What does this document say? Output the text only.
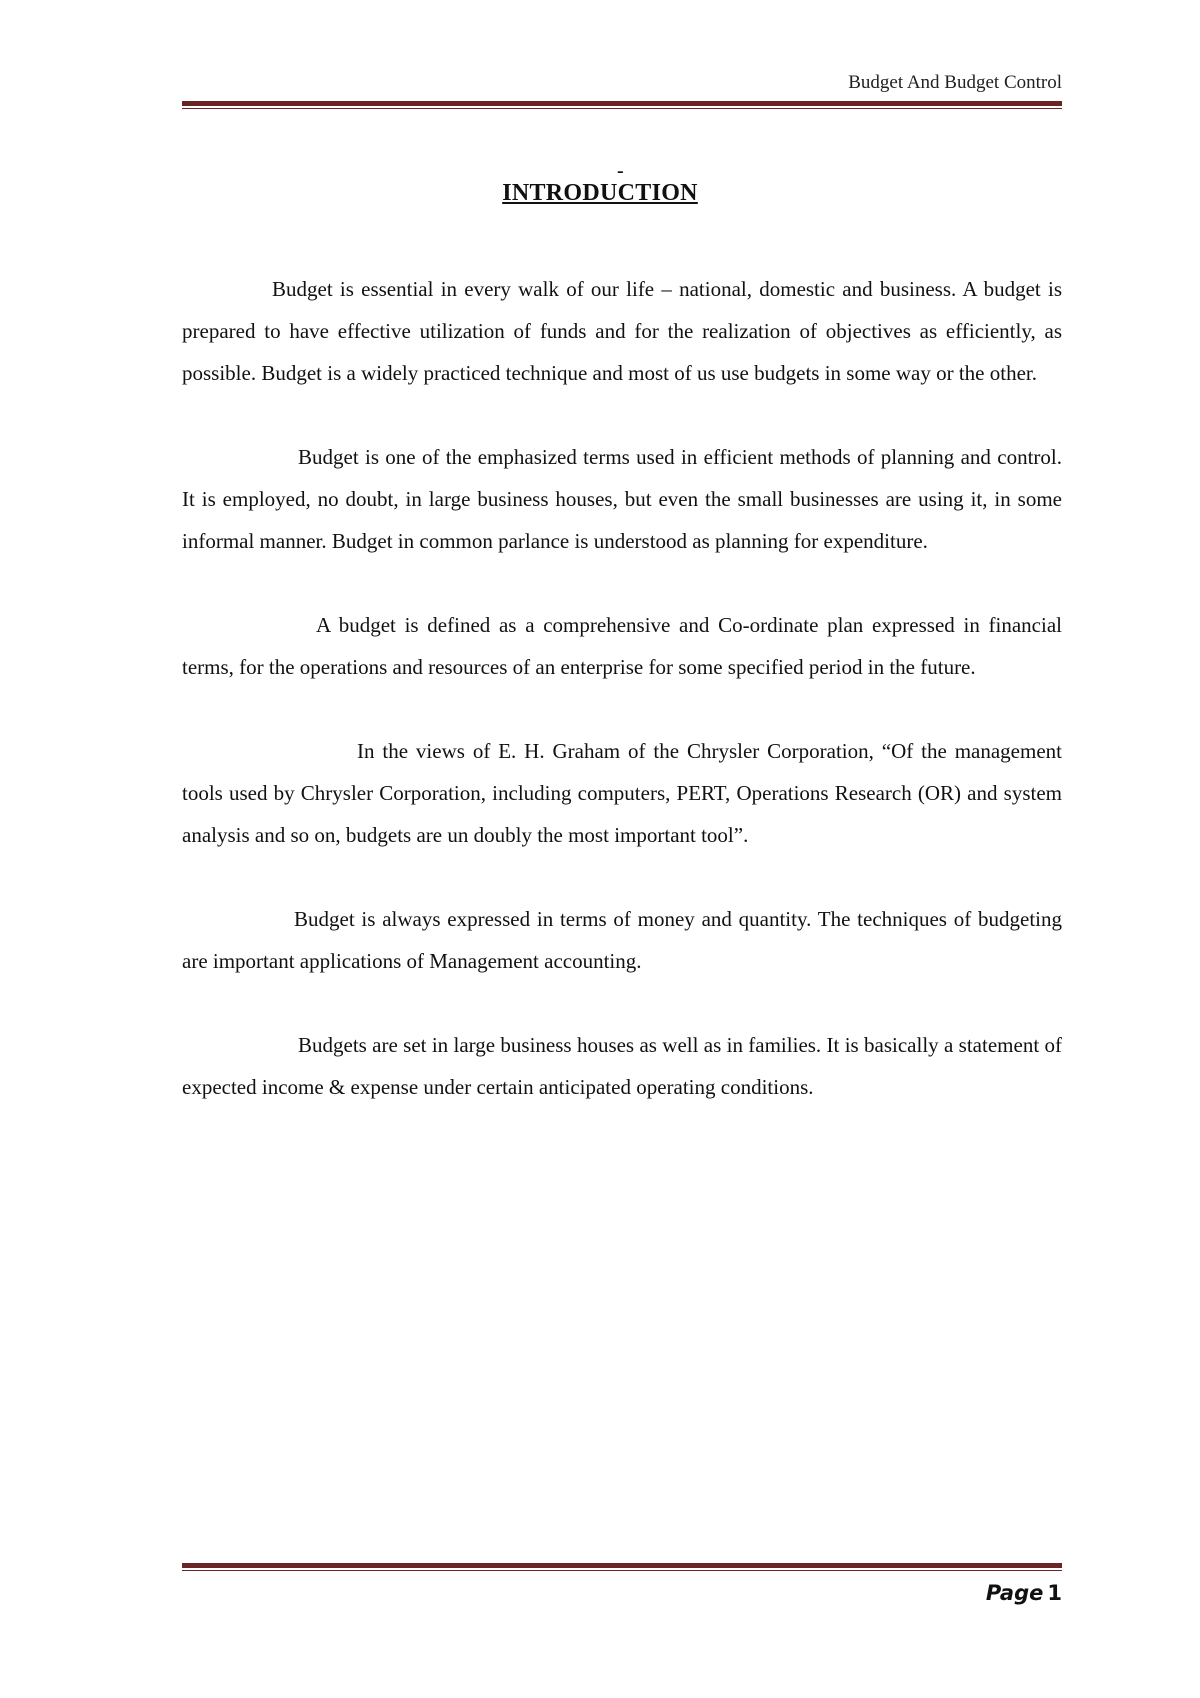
Budget And Budget Control
-
INTRODUCTION

Budget is essential in every walk of our life – national, domestic and business. A budget is prepared to have effective utilization of funds and for the realization of objectives as efficiently, as possible. Budget is a widely practiced technique and most of us use budgets in some way or the other.

Budget is one of the emphasized terms used in efficient methods of planning and control. It is employed, no doubt, in large business houses, but even the small businesses are using it, in some informal manner. Budget in common parlance is understood as planning for expenditure.

A budget is defined as a comprehensive and Co-ordinate plan expressed in financial terms, for the operations and resources of an enterprise for some specified period in the future.

In the views of E. H. Graham of the Chrysler Corporation, “Of the management tools used by Chrysler Corporation, including computers, PERT, Operations Research (OR) and system analysis and so on, budgets are un doubly the most important tool”.

Budget is always expressed in terms of money and quantity. The techniques of budgeting are important applications of Management accounting.

Budgets are set in large business houses as well as in families. It is basically a statement of expected income & expense under certain anticipated operating conditions.

Page 1
